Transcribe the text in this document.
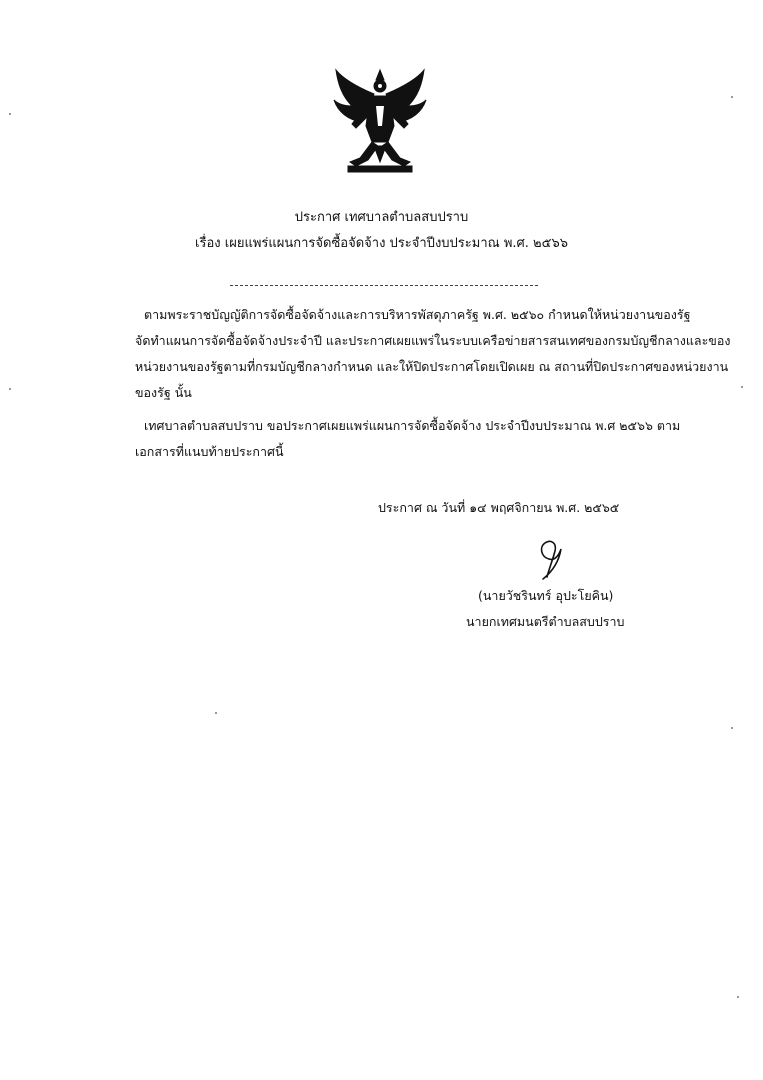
ประกาศ เทศบาลตำบลสบปราบ
เรื่อง เผยแพร่แผนการจัดซื้อจัดจ้าง ประจำปีงบประมาณ พ.ศ. ๒๕๖๖
ตามพระราชบัญญัติการจัดซื้อจัดจ้างและการบริหารพัสดุภาครัฐ พ.ศ. ๒๕๖๐ กำหนดให้หน่วยงานของรัฐ
จัดทำแผนการจัดซื้อจัดจ้างประจำปี และประกาศเผยแพร่ในระบบเครือข่ายสารสนเทศของกรมบัญชีกลางและของ
หน่วยงานของรัฐตามที่กรมบัญชีกลางกำหนด และให้ปิดประกาศโดยเปิดเผย ณ สถานที่ปิดประกาศของหน่วยงาน
ของรัฐ นั้น
เทศบาลตำบลสบปราบ ขอประกาศเผยแพร่แผนการจัดซื้อจัดจ้าง ประจำปีงบประมาณ พ.ศ ๒๕๖๖ ตาม
เอกสารที่แนบท้ายประกาศนี้
ประกาศ ณ วันที่ ๑๔ พฤศจิกายน พ.ศ. ๒๕๖๕
(นายวัชรินทร์ อุปะโยคิน)
นายกเทศมนตรีตำบลสบปราบ
